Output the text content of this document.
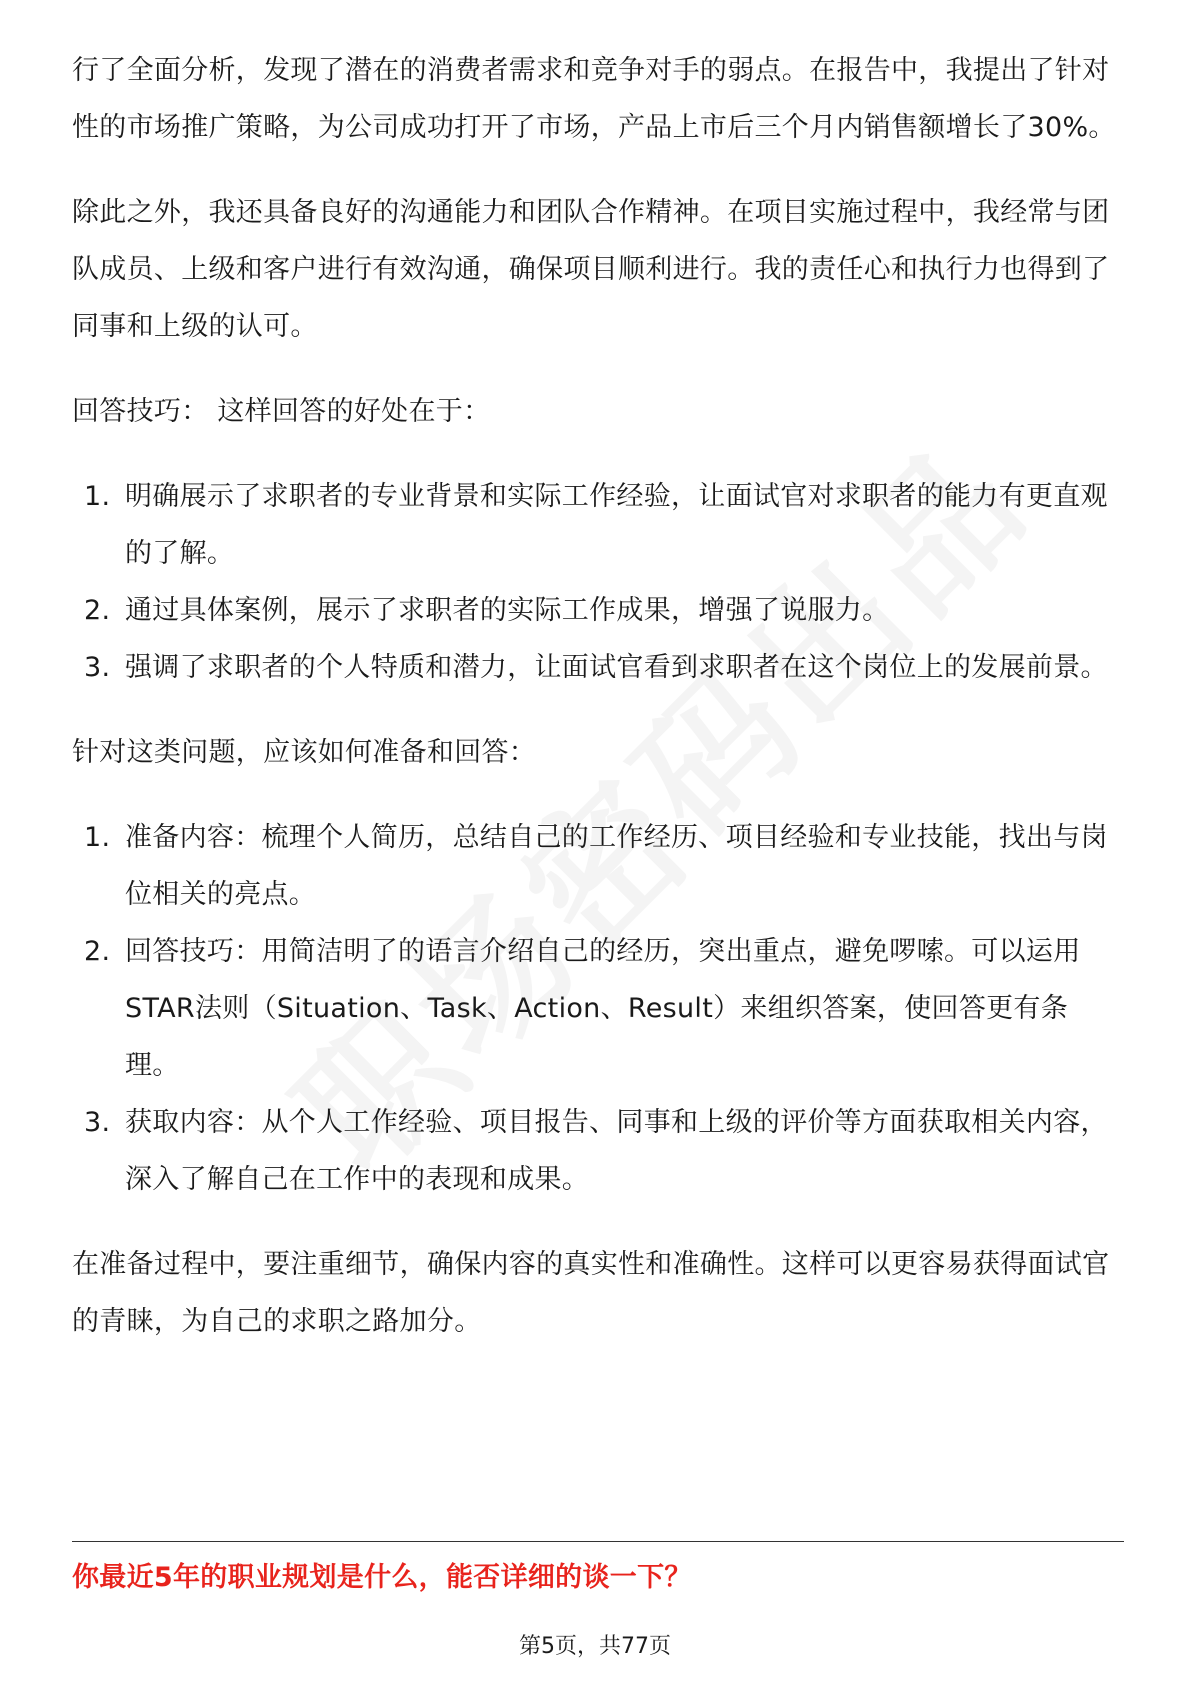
行了全面分析，发现了潜在的消费者需求和竞争对手的弱点。在报告中，我提出了针对性的市场推广策略，为公司成功打开了市场，产品上市后三个月内销售额增长了30%。

除此之外，我还具备良好的沟通能力和团队合作精神。在项目实施过程中，我经常与团队成员、上级和客户进行有效沟通，确保项目顺利进行。我的责任心和执行力也得到了同事和上级的认可。

回答技巧： 这样回答的好处在于：

1. 明确展示了求职者的专业背景和实际工作经验，让面试官对求职者的能力有更直观的了解。
2. 通过具体案例，展示了求职者的实际工作成果，增强了说服力。
3. 强调了求职者的个人特质和潜力，让面试官看到求职者在这个岗位上的发展前景。

针对这类问题，应该如何准备和回答：

1. 准备内容：梳理个人简历，总结自己的工作经历、项目经验和专业技能，找出与岗位相关的亮点。
2. 回答技巧：用简洁明了的语言介绍自己的经历，突出重点，避免啰嗦。可以运用STAR法则（Situation、Task、Action、Result）来组织答案，使回答更有条理。
3. 获取内容：从个人工作经验、项目报告、同事和上级的评价等方面获取相关内容，深入了解自己在工作中的表现和成果。

在准备过程中，要注重细节，确保内容的真实性和准确性。这样可以更容易获得面试官的青睐，为自己的求职之路加分。

你最近5年的职业规划是什么，能否详细的谈一下？
第5页，共77页
